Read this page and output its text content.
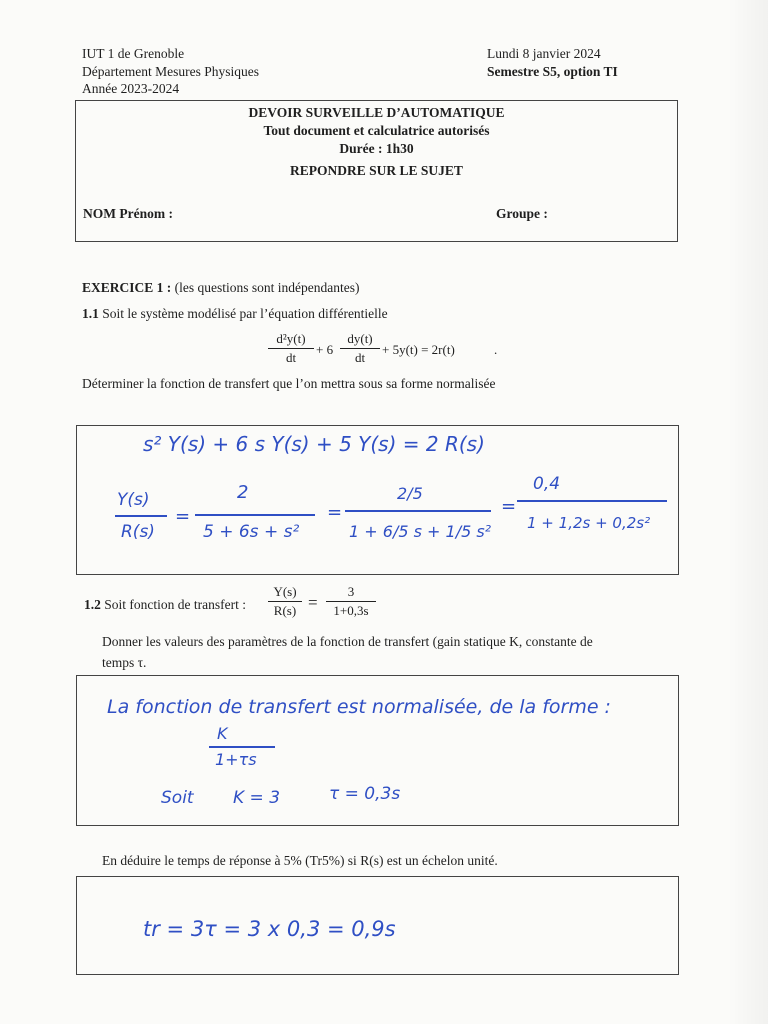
IUT 1 de Grenoble
Département Mesures Physiques
Année 2023-2024
Lundi 8 janvier 2024
Semestre S5, option TI
DEVOIR SURVEILLE D’AUTOMATIQUE
Tout document et calculatrice autorisés
Durée : 1h30
REPONDRE SUR LE SUJET
NOM Prénom :	Groupe :
EXERCICE 1 : (les questions sont indépendantes)
1.1 Soit le système modélisé par l’équation différentielle
d²y(t)
dt
+ 6
dy(t)
dt
+ 5y(t) = 2r(t)	.
Déterminer la fonction de transfert que l’on mettra sous sa forme normalisée
s² Y(s) + 6 s Y(s) + 5 Y(s) = 2 R(s)
Y(s)
R(s)
=
2
5 + 6s + s²
=
2/5
1 + 6/5 s + 1/5 s²
=
0,4
1 + 1,2s + 0,2s²
1.2 Soit fonction de transfert :
Y(s)
R(s) =
3
1+0,3s
Donner les valeurs des paramètres de la fonction de transfert (gain statique K, constante de
temps τ.
La fonction de transfert est normalisée, de la forme :
K
1+τs
Soit K = 3	τ = 0,3s
En déduire le temps de réponse à 5% (Tr5%) si R(s) est un échelon unité.
tr = 3τ = 3 x 0,3 = 0,9s
